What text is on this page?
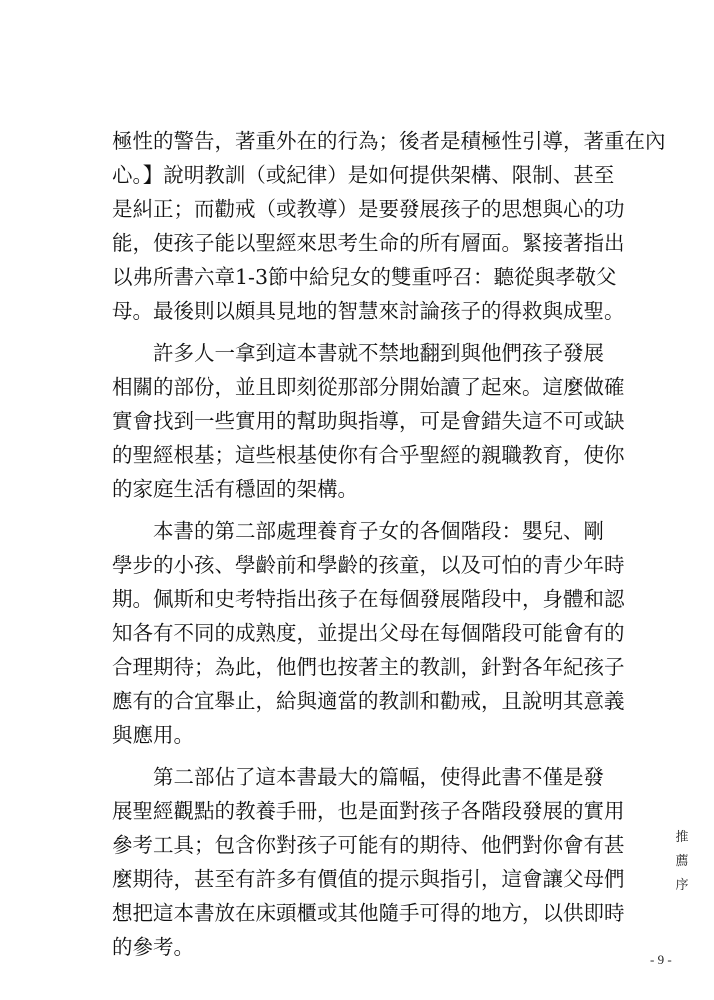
極性的警告，著重外在的行為；後者是積極性引導，著重在內
心。】說明教訓（或紀律）是如何提供架構、限制、甚至
是糾正；而勸戒（或教導）是要發展孩子的思想與心的功
能，使孩子能以聖經來思考生命的所有層面。緊接著指出
以弗所書六章1-3節中給兒女的雙重呼召：聽從與孝敬父
母。最後則以頗具見地的智慧來討論孩子的得救與成聖。
　　許多人一拿到這本書就不禁地翻到與他們孩子發展
相關的部份，並且即刻從那部分開始讀了起來。這麼做確
實會找到一些實用的幫助與指導，可是會錯失這不可或缺
的聖經根基；這些根基使你有合乎聖經的親職教育，使你
的家庭生活有穩固的架構。
　　本書的第二部處理養育子女的各個階段：嬰兒、剛
學步的小孩、學齡前和學齡的孩童，以及可怕的青少年時
期。佩斯和史考特指出孩子在每個發展階段中，身體和認
知各有不同的成熟度，並提出父母在每個階段可能會有的
合理期待；為此，他們也按著主的教訓，針對各年紀孩子
應有的合宜舉止，給與適當的教訓和勸戒，且說明其意義
與應用。
　　第二部佔了這本書最大的篇幅，使得此書不僅是發
展聖經觀點的教養手冊，也是面對孩子各階段發展的實用
參考工具；包含你對孩子可能有的期待、他們對你會有甚
麼期待，甚至有許多有價值的提示與指引，這會讓父母們
想把這本書放在床頭櫃或其他隨手可得的地方，以供即時
的參考。
推
薦
序
- 9 -
